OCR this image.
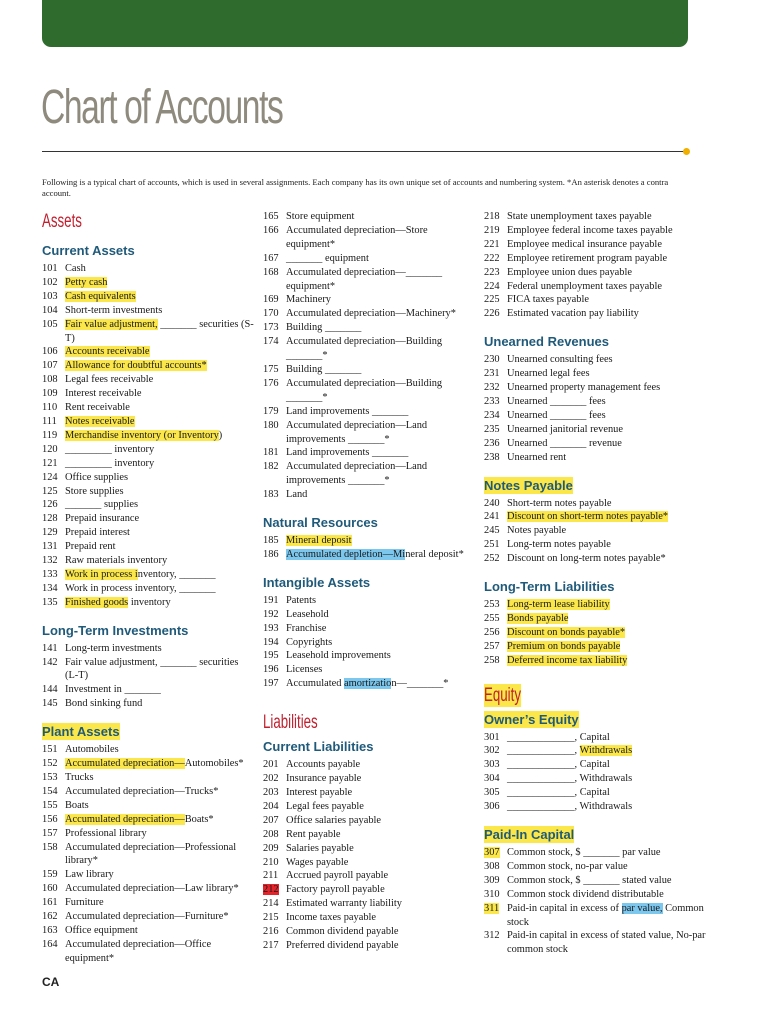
Chart of Accounts
Following is a typical chart of accounts, which is used in several assignments. Each company has its own unique set of accounts and numbering system. *An asterisk denotes a contra account.
Assets
Current Assets
101 Cash
102 Petty cash
103 Cash equivalents
104 Short-term investments
105 Fair value adjustment, _______ securities (S-T)
106 Accounts receivable
107 Allowance for doubtful accounts*
108 Legal fees receivable
109 Interest receivable
110 Rent receivable
111 Notes receivable
119 Merchandise inventory (or Inventory)
120 _________ inventory
121 _________ inventory
124 Office supplies
125 Store supplies
126 _______ supplies
128 Prepaid insurance
129 Prepaid interest
131 Prepaid rent
132 Raw materials inventory
133 Work in process inventory, _______
134 Work in process inventory, _______
135 Finished goods inventory
Long-Term Investments
141 Long-term investments
142 Fair value adjustment, _______ securities (L-T)
144 Investment in _______
145 Bond sinking fund
Plant Assets
151 Automobiles
152 Accumulated depreciation—Automobiles*
153 Trucks
154 Accumulated depreciation—Trucks*
155 Boats
156 Accumulated depreciation—Boats*
157 Professional library
158 Accumulated depreciation—Professional library*
159 Law library
160 Accumulated depreciation—Law library*
161 Furniture
162 Accumulated depreciation—Furniture*
163 Office equipment
164 Accumulated depreciation—Office equipment*
165 Store equipment
166 Accumulated depreciation—Store equipment*
167 _______ equipment
168 Accumulated depreciation—_______ equipment*
169 Machinery
170 Accumulated depreciation—Machinery*
173 Building _______
174 Accumulated depreciation—Building _______*
175 Building _______
176 Accumulated depreciation—Building _______*
179 Land improvements _______
180 Accumulated depreciation—Land improvements _______*
181 Land improvements _______
182 Accumulated depreciation—Land improvements _______*
183 Land
Natural Resources
185 Mineral deposit
186 Accumulated depletion—Mineral deposit*
Intangible Assets
191 Patents
192 Leasehold
193 Franchise
194 Copyrights
195 Leasehold improvements
196 Licenses
197 Accumulated amortization—_______*
Liabilities
Current Liabilities
201 Accounts payable
202 Insurance payable
203 Interest payable
204 Legal fees payable
207 Office salaries payable
208 Rent payable
209 Salaries payable
210 Wages payable
211 Accrued payroll payable
212 Factory payroll payable
214 Estimated warranty liability
215 Income taxes payable
216 Common dividend payable
217 Preferred dividend payable
218 State unemployment taxes payable
219 Employee federal income taxes payable
221 Employee medical insurance payable
222 Employee retirement program payable
223 Employee union dues payable
224 Federal unemployment taxes payable
225 FICA taxes payable
226 Estimated vacation pay liability
Unearned Revenues
230 Unearned consulting fees
231 Unearned legal fees
232 Unearned property management fees
233 Unearned _______ fees
234 Unearned _______ fees
235 Unearned janitorial revenue
236 Unearned _______ revenue
238 Unearned rent
Notes Payable
240 Short-term notes payable
241 Discount on short-term notes payable*
245 Notes payable
251 Long-term notes payable
252 Discount on long-term notes payable*
Long-Term Liabilities
253 Long-term lease liability
255 Bonds payable
256 Discount on bonds payable*
257 Premium on bonds payable
258 Deferred income tax liability
Equity
Owner’s Equity
301 _____________, Capital
302 _____________, Withdrawals
303 _____________, Capital
304 _____________, Withdrawals
305 _____________, Capital
306 _____________, Withdrawals
Paid-In Capital
307 Common stock, $ _______ par value
308 Common stock, no-par value
309 Common stock, $ _______ stated value
310 Common stock dividend distributable
311 Paid-in capital in excess of par value, Common stock
312 Paid-in capital in excess of stated value, No-par common stock
CA
